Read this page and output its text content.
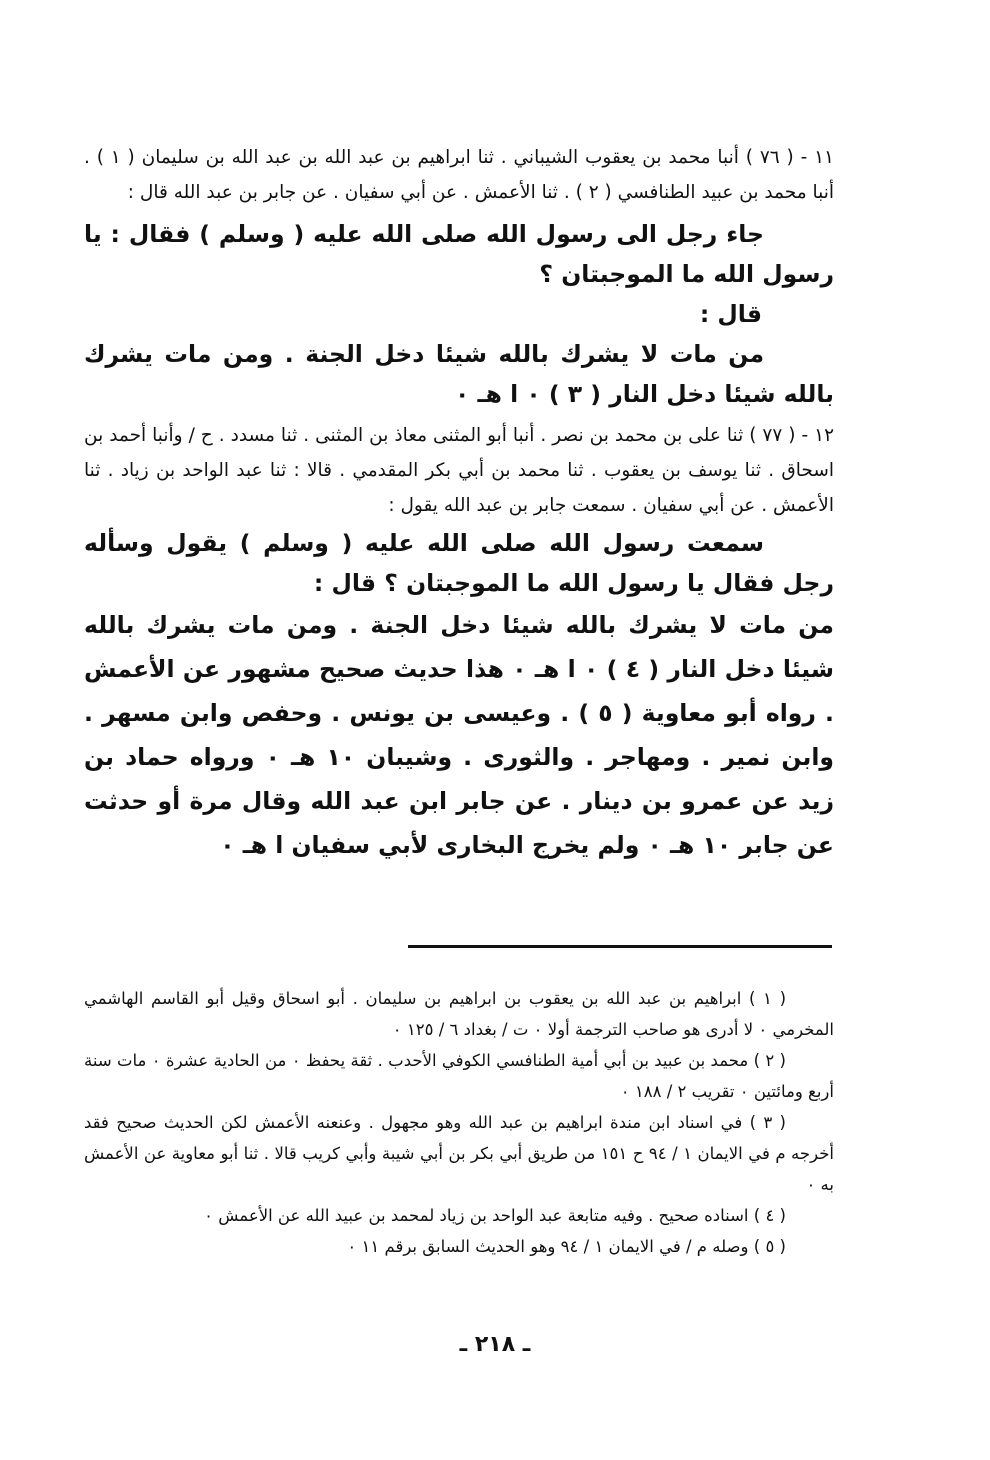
١١ - ( ٧٦ ) أنبا محمد بن يعقوب الشيباني . ثنا ابراهيم بن عبد الله بن عبد الله بن سليمان ( ١ ) . أنبا محمد بن عبيد الطنافسي ( ٢ ) . ثنا الأعمش . عن أبي سفيان . عن جابر بن عبد الله قال :

جاء رجل الى رسول الله صلى الله عليه ( وسلم ) فقال : يا رسول الله ما الموجبتان ؟

قال :

من مات لا يشرك بالله شيئا دخل الجنة . ومن مات يشرك بالله شيئا دخل النار ( ٣ ) ٠ ا هـ ٠

١٢ - ( ٧٧ ) ثنا على بن محمد بن نصر . أنبا أبو المثنى معاذ بن المثنى . ثنا مسدد . ح / وأنبا أحمد بن اسحاق . ثنا يوسف بن يعقوب . ثنا محمد بن أبي بكر المقدمي . قالا : ثنا عبد الواحد بن زياد . ثنا الأعمش . عن أبي سفيان . سمعت جابر بن عبد الله يقول :

سمعت رسول الله صلى الله عليه ( وسلم ) يقول وسأله رجل فقال يا رسول الله ما الموجبتان ؟ قال :

من مات لا يشرك بالله شيئا دخل الجنة . ومن مات يشرك بالله شيئا دخل النار ( ٤ ) ٠ ا هـ ٠ هذا حديث صحيح مشهور عن الأعمش . رواه أبو معاوية ( ٥ ) . وعيسى بن يونس . وحفص وابن مسهر . وابن نمير . ومهاجر . والثورى . وشيبان ١٠ هـ ٠ ورواه حماد بن زيد عن عمرو بن دينار . عن جابر ابن عبد الله وقال مرة أو حدثت عن جابر ١٠ هـ ٠ ولم يخرج البخارى لأبي سفيان ا هـ ٠

( ١ ) ابراهيم بن عبد الله بن يعقوب بن ابراهيم بن سليمان . أبو اسحاق وقيل أبو القاسم الهاشمي المخرمي ٠ لا أدرى هو صاحب الترجمة أولا ٠ ت / بغداد ٦ / ١٢٥ ٠

( ٢ ) محمد بن عبيد بن أبي أمية الطنافسي الكوفي الأحدب . ثقة يحفظ ٠ من الحادية عشرة ٠ مات سنة أربع ومائتين ٠ تقريب ٢ / ١٨٨ ٠

( ٣ ) في اسناد ابن مندة ابراهيم بن عبد الله وهو مجهول . وعنعنه الأعمش لكن الحديث صحيح فقد أخرجه م في الايمان ١ / ٩٤ ح ١٥١ من طريق أبي بكر بن أبي شيبة وأبي كريب قالا . ثنا أبو معاوية عن الأعمش به ٠

( ٤ ) اسناده صحيح . وفيه متابعة عبد الواحد بن زياد لمحمد بن عبيد الله عن الأعمش ٠

( ٥ ) وصله م / في الايمان ١ / ٩٤ وهو الحديث السابق برقم ١١ ٠

ـ ٢١٨ ـ
